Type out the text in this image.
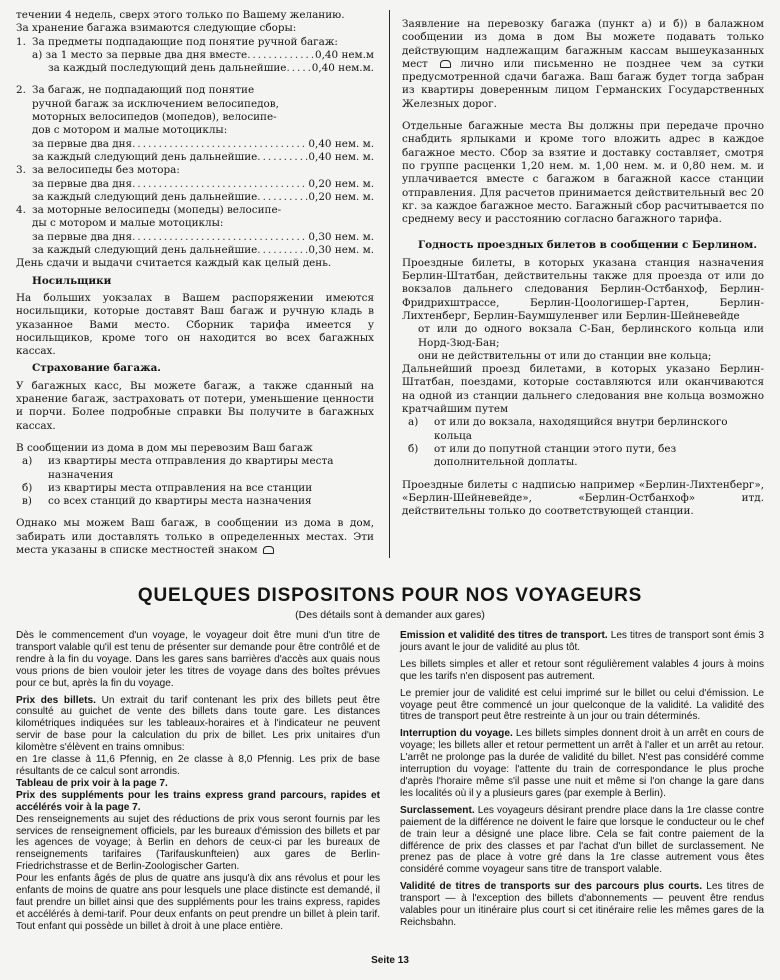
течении 4 недель, сверх этого только по Вашему желанию.

За хранение багажа взимаются следующие сборы:

1. За предметы подпадающие под понятие ручной багаж:
а) за 1 место за первые два дня вместе .....	0,40 нем.м
за каждый последующий день дальнейшие ..... 0,40 нем.м.
2. За багаж, не подпадающий под понятие
ручной багаж за исключением велосипедов,
моторных велосипедов (мопедов), велосипе-
дов с мотором и малые мотоциклы:
за первые два дня .....	0,40 нем. м.
за каждый следующий день дальнейшие .....	0,40 нем. м.
3. за велосипеды без мотора:
за первые два дня .....	0,20 нем. м.
за каждый следующий день дальнейшие .....	0,20 нем. м.
4. за моторные велосипеды (мопеды) велосипе-
ды с мотором и малые мотоциклы:
за первые два дня .....	0,30 нем. м.
за каждый следующий день дальнейшие .....	0,30 нем. м.

День сдачи и выдачи считается каждый как целый день.

Носильщики

На больших уокзалах в Вашем распоряжении имеются носильщики, которые доставят Ваш багаж и ручную кладь в указанное Вами место. Сборник тарифа имеется у носильщиков, кроме того он находится во всех багажных кассах.

Страхование багажа.

У багажных касс, Вы можете багаж, а также сданный на хранение багаж, застраховать от потери, уменьшение ценности и порчи. Более подробные справки Вы получите в багажных кассах.

В сообщении из дома в дом мы перевозим Ваш багаж

а)	из квартиры места отправления до квартиры места назначения
б)	из квартиры места отправления на все станции
в)	со всех станций до квартиры места назначения

Однако мы можем Ваш багаж, в сообщении из дома в дом, забирать или доставлять только в определенных местах. Эти места указаны в списке местностей знаком

Заявление на перевозку багажа (пункт а) и б)) в балажном сообщении из дома в дом Вы можете подавать только действующим надлежащим багажным кассам вышеуказанных мест	лично или письменно не позднее чем за сутки предусмотренной сдачи багажа. Ваш багаж будет тогда забран из квартиры доверенным лицом Германских Государственных Железных дорог.

Отдельные багажные места Вы должны при передаче прочно снабдить ярлыками и кроме того вложить адрес в каждое багажное место. Сбор за взятие и доставку составляет, смотря по группе расценки 1,20 нем. м. 1,00 нем. м. и 0,80 нем. м. и уплачивается вместе с багажом в багажной кассе станции отправления. Для расчетов принимается действительный вес 20 кг. за каждое багажное место. Багажный сбор расчитывается по среднему весу и расстоянию согласно багажного тарифа.

Годность проездных билетов в сообщении с Берлином.

Проездные билеты, в которых указана станция назначения Берлин-Штатбан, действительны также для проезда от или до вокзалов дальнего следования Берлин-Остбанхоф, Берлин-Фридрихштрассе, Берлин-Цоологишер-Гартен, Берлин-Лихтенберг, Берлин-Баумшуленвег или Берлин-Шейневейде

от или до одного вокзала С-Бан, берлинского кольца или Норд-Зюд-Бан;

они не действительны от или до станции вне кольца;

Дальнейший проезд билетами, в которых указано Берлин-Штатбан, поездами, которые составляются или оканчиваются на одной из станции дальнего следования вне кольца возможно кратчайшим путем

а)	от или до вокзала, находящийся внутри берлинского кольца
б)	от или до попутной станции этого пути, без дополнительной доплаты.

Проездные билеты с надписью например «Берлин-Лихтенберг», «Берлин-Шейневейде», «Берлин-Остбанхоф» итд. действительны только до соответствующей станции.

QUELQUES DISPOSITONS POUR NOS VOYAGEURS
(Des détails sont à demander aux gares)

Dès le commencement d'un voyage, le voyageur doit être muni d'un titre de transport valable qu'il est tenu de présenter sur demande pour être contrôlé et de rendre à la fin du voyage. Dans les gares sans barrières d'accès aux quais nous vous prions de bien vouloir jeter les titres de voyage dans des boîtes prévues pour ce but, après la fin du voyage.

Prix des billets. Un extrait du tarif contenant les prix des billets peut être consulté au guichet de vente des billets dans toute gare. Les distances kilométriques indiquées sur les tableaux-horaires et à l'indicateur ne peuvent servir de base pour la calculation du prix de billet. Les prix unitaires d'un kilomètre s'élèvent en trains omnibus:

en 1re classe à 11,6 Pfennig, en 2e classe à 8,0 Pfennig. Les prix de base résultants de ce calcul sont arrondis.

Tableau de prix voir à la page 7.

Prix des suppléments pour les trains express grand parcours, rapides et accélérés voir à la page 7.

Des renseignements au sujet des réductions de prix vous seront fournis par les services de renseignement officiels, par les bureaux d'émission des billets et par les agences de voyage; à Berlin en dehors de ceux-ci par les bureaux de renseignements tarifaires (Tarifauskunfteien) aux gares de Berlin-Friedrichstrasse et de Berlin-Zoologischer Garten.

Pour les enfants âgés de plus de quatre ans jusqu'à dix ans révolus et pour les enfants de moins de quatre ans pour lesquels une place distincte est demandé, il faut prendre un billet ainsi que des suppléments pour les trains express, rapides et accélérés à demi-tarif. Pour deux enfants on peut prendre un billet à plein tarif. Tout enfant qui possède un billet à droit à une place entière.

Emission et validité des titres de transport. Les titres de transport sont émis 3 jours avant le jour de validité au plus tôt.

Les billets simples et aller et retour sont régulièrement valables 4 jours à moins que les tarifs n'en disposent pas autrement.

Le premier jour de validité est celui imprimé sur le billet ou celui d'émission. Le voyage peut être commencé un jour quelconque de la validité. La validité des titres de transport peut être restreinte à un jour ou train déterminés.

Interruption du voyage. Les billets simples donnent droit à un arrêt en cours de voyage; les billets aller et retour permettent un arrêt à l'aller et un arrêt au retour. L'arrêt ne prolonge pas la durée de validité du billet. N'est pas considéré comme interruption du voyage: l'attente du train de correspondance le plus proche d'après l'horaire même s'il passe une nuit et même si l'on change la gare dans les localités où il y a plusieurs gares (par exemple à Berlin).

Surclassement. Les voyageurs désirant prendre place dans la 1re classe contre paiement de la différence ne doivent le faire que lorsque le conducteur ou le chef de train leur a désigné une place libre. Cela se fait contre paiement de la différence de prix des classes et par l'achat d'un billet de surclassement. Ne prenez pas de place à votre gré dans la 1re classe autrement vous êtes considéré comme voyageur sans titre de transport valable.

Validité de titres de transports sur des parcours plus courts. Les titres de transport — à l'exception des billets d'abonnements — peuvent être rendus valables pour un itinéraire plus court si cet itinéraire relie les mêmes gares de la Reichsbahn.

Seite 13
